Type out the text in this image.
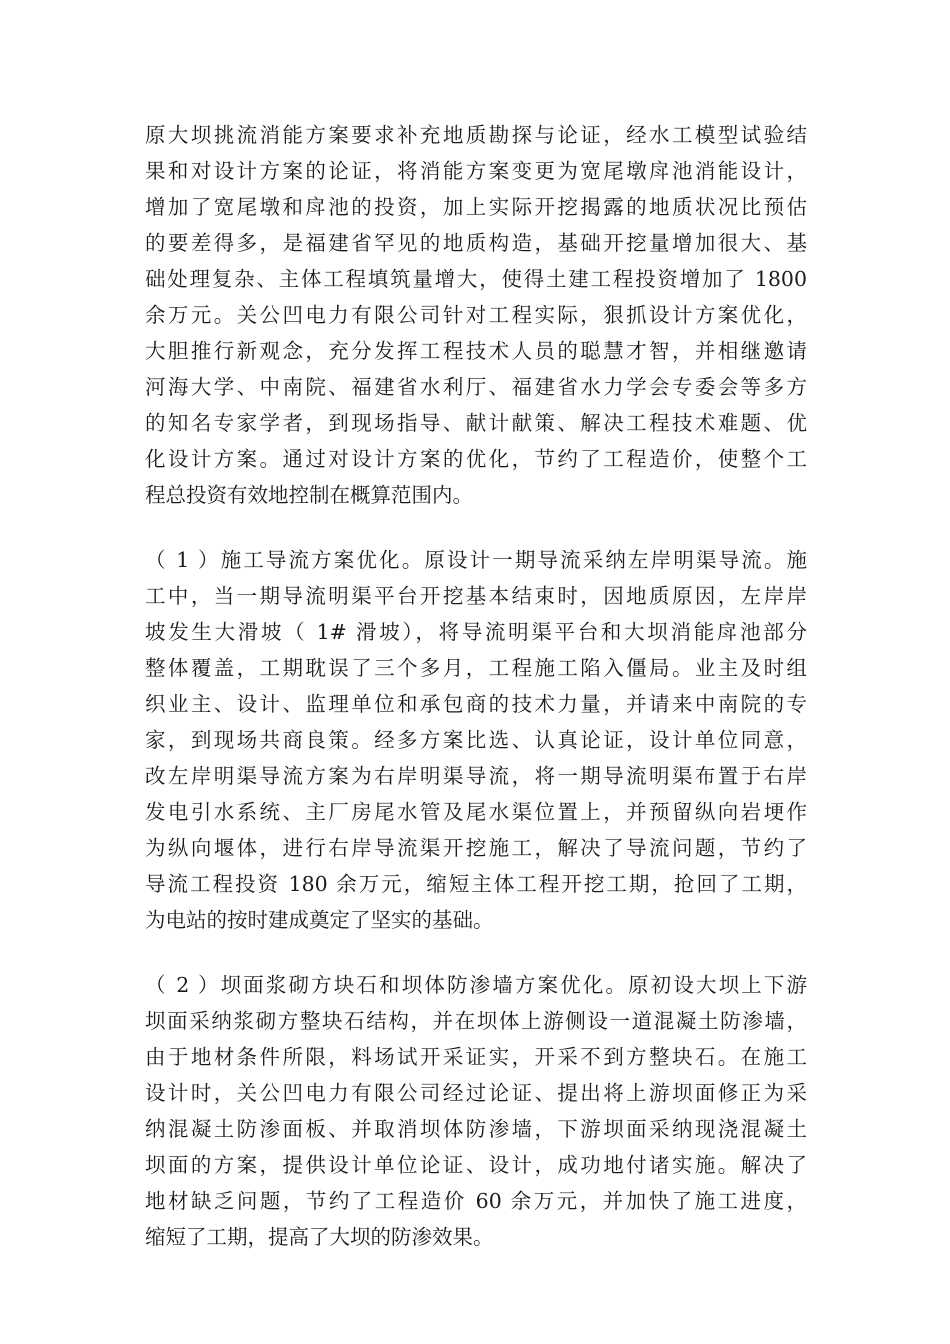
原大坝挑流消能方案要求补充地质勘探与论证，经水工模型试验结
果和对设计方案的论证，将消能方案变更为宽尾墩戽池消能设计，
增加了宽尾墩和戽池的投资，加上实际开挖揭露的地质状况比预估
的要差得多，是福建省罕见的地质构造，基础开挖量增加很大、基
础处理复杂、主体工程填筑量增大，使得土建工程投资增加了 1800
余万元。关公凹电力有限公司针对工程实际，狠抓设计方案优化，
大胆推行新观念，充分发挥工程技术人员的聪慧才智，并相继邀请
河海大学、中南院、福建省水利厅、福建省水力学会专委会等多方
的知名专家学者，到现场指导、献计献策、解决工程技术难题、优
化设计方案。通过对设计方案的优化，节约了工程造价，使整个工
程总投资有效地控制在概算范围内。
（ 1 ）施工导流方案优化。原设计一期导流采纳左岸明渠导流。施
工中，当一期导流明渠平台开挖基本结束时，因地质原因，左岸岸
坡发生大滑坡（ 1# 滑坡），将导流明渠平台和大坝消能戽池部分
整体覆盖，工期耽误了三个多月，工程施工陷入僵局。业主及时组
织业主、设计、监理单位和承包商的技术力量，并请来中南院的专
家，到现场共商良策。经多方案比选、认真论证，设计单位同意，
改左岸明渠导流方案为右岸明渠导流，将一期导流明渠布置于右岸
发电引水系统、主厂房尾水管及尾水渠位置上，并预留纵向岩埂作
为纵向堰体，进行右岸导流渠开挖施工，解决了导流问题，节约了
导流工程投资 180 余万元，缩短主体工程开挖工期，抢回了工期，
为电站的按时建成奠定了坚实的基础。
（ 2 ）坝面浆砌方块石和坝体防渗墙方案优化。原初设大坝上下游
坝面采纳浆砌方整块石结构，并在坝体上游侧设一道混凝土防渗墙，
由于地材条件所限，料场试开采证实，开采不到方整块石。在施工
设计时，关公凹电力有限公司经过论证、提出将上游坝面修正为采
纳混凝土防渗面板、并取消坝体防渗墙，下游坝面采纳现浇混凝土
坝面的方案，提供设计单位论证、设计，成功地付诸实施。解决了
地材缺乏问题，节约了工程造价 60 余万元，并加快了施工进度，
缩短了工期，提高了大坝的防渗效果。
